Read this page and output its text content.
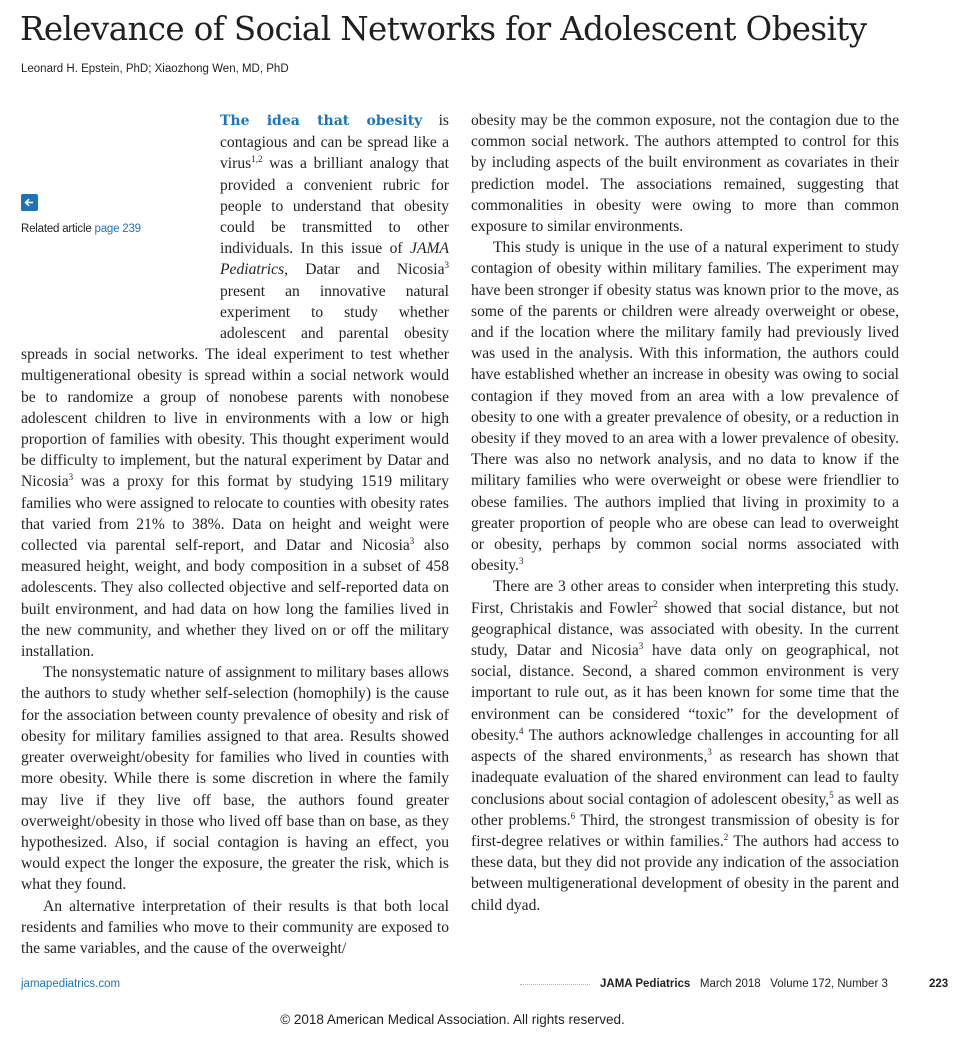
Relevance of Social Networks for Adolescent Obesity
Leonard H. Epstein, PhD; Xiaozhong Wen, MD, PhD
Related article page 239

The idea that obesity is contagious and can be spread like a virus$^{1,2}$ was a brilliant analogy that provided a convenient rubric for people to understand that obesity could be transmitted to other individuals. In this issue of JAMA Pediatrics, Datar and Nicosia$^3$ present an innovative natural experiment to study whether adolescent and parental obesity spreads in social networks. The ideal experiment to test whether multigenerational obesity is spread within a social network would be to randomize a group of nonobese parents with nonobese adolescent children to live in environments with a low or high proportion of families with obesity. This thought experiment would be difficulty to implement, but the natural experiment by Datar and Nicosia$^3$ was a proxy for this format by studying 1519 military families who were assigned to relocate to counties with obesity rates that varied from 21% to 38%. Data on height and weight were collected via parental self-report, and Datar and Nicosia$^3$ also measured height, weight, and body composition in a subset of 458 adolescents. They also collected objective and self-reported data on built environment, and had data on how long the families lived in the new community, and whether they lived on or off the military installation.

The nonsystematic nature of assignment to military bases allows the authors to study whether self-selection (homophily) is the cause for the association between county prevalence of obesity and risk of obesity for military families assigned to that area. Results showed greater overweight/obesity for families who lived in counties with more obesity. While there is some discretion in where the family may live if they live off base, the authors found greater overweight/obesity in those who lived off base than on base, as they hypothesized. Also, if social contagion is having an effect, you would expect the longer the exposure, the greater the risk, which is what they found.

An alternative interpretation of their results is that both local residents and families who move to their community are exposed to the same variables, and the cause of the overweight/

obesity may be the common exposure, not the contagion due to the common social network. The authors attempted to control for this by including aspects of the built environment as covariates in their prediction model. The associations remained, suggesting that commonalities in obesity were owing to more than common exposure to similar environments.

This study is unique in the use of a natural experiment to study contagion of obesity within military families. The experiment may have been stronger if obesity status was known prior to the move, as some of the parents or children were already overweight or obese, and if the location where the military family had previously lived was used in the analysis. With this information, the authors could have established whether an increase in obesity was owing to social contagion if they moved from an area with a low prevalence of obesity to one with a greater prevalence of obesity, or a reduction in obesity if they moved to an area with a lower prevalence of obesity. There was also no network analysis, and no data to know if the military families who were overweight or obese were friendlier to obese families. The authors implied that living in proximity to a greater proportion of people who are obese can lead to overweight or obesity, perhaps by common social norms associated with obesity.$^3$

There are 3 other areas to consider when interpreting this study. First, Christakis and Fowler$^2$ showed that social distance, but not geographical distance, was associated with obesity. In the current study, Datar and Nicosia$^3$ have data only on geographical, not social, distance. Second, a shared common environment is very important to rule out, as it has been known for some time that the environment can be considered “toxic” for the development of obesity.$^4$ The authors acknowledge challenges in accounting for all aspects of the shared environments,$^3$ as research has shown that inadequate evaluation of the shared environment can lead to faulty conclusions about social contagion of adolescent obesity,$^5$ as well as other problems.$^6$ Third, the strongest transmission of obesity is for first-degree relatives or within families.$^2$ The authors had access to these data, but they did not provide any indication of the association between multigenerational development of obesity in the parent and child dyad.

jamapediatrics.com	JAMA Pediatrics March 2018 Volume 172, Number 3	223
© 2018 American Medical Association. All rights reserved.
